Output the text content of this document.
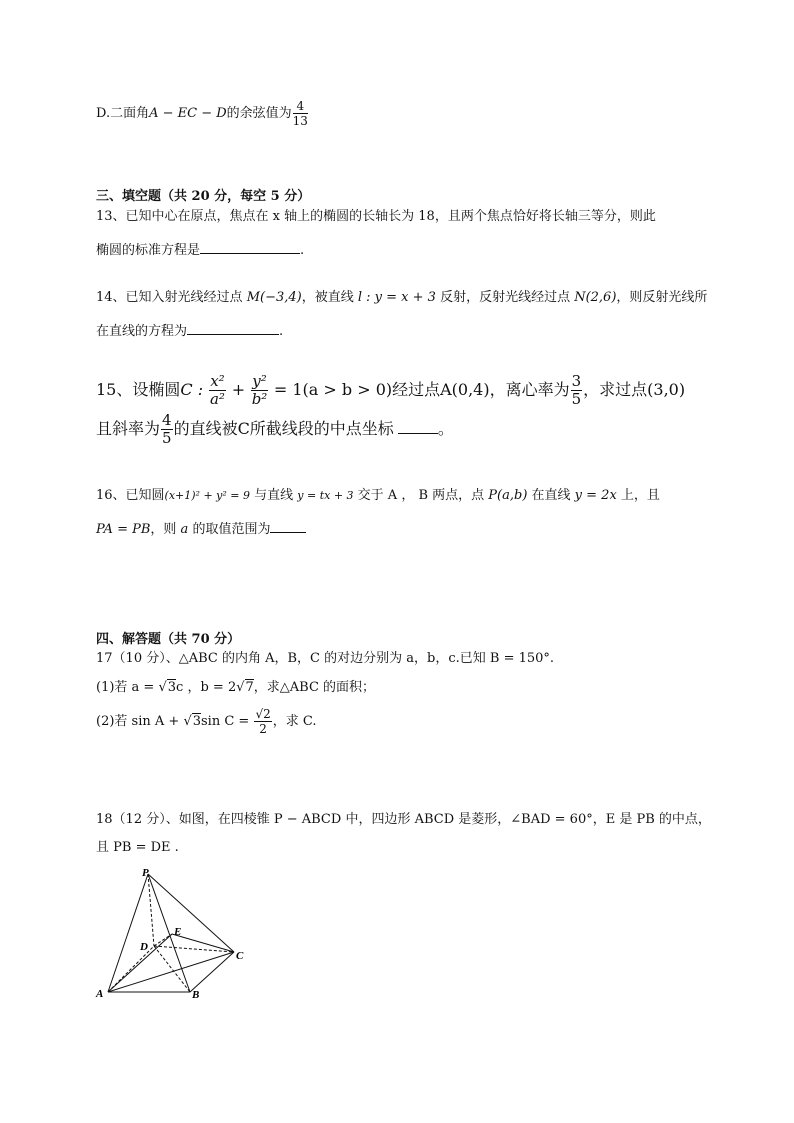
D.二面角A − EC − D的余弦值为 $\frac{4}{13}$
三、填空题（共 20 分，每空 5 分）
13、已知中心在原点，焦点在 x 轴上的椭圆的长轴长为 18，且两个焦点恰好将长轴三等分，则此
椭圆的标准方程是	.
14、已知入射光线经过点 M(−3,4)，被直线 l : y = x + 3 反射，反射光线经过点 N(2,6)，则反射光线所
在直线的方程为	.
15、设椭圆C : $\frac{\text{x²}}{\text{a²}} + \frac{\text{y²}}{\text{b²}} = 1(a > b > 0)$经过点A(0,4)，离心率为 $\frac{3}{5}$ ，求过点(3,0)
且斜率为 $\frac{4}{5}$ 的直线被C所截线段的中点坐标	。
16、已知圆(x+1)² + y² = 9 与直线 y = tx + 3 交于 A ， B 两点，点 P(a,b) 在直线 y = 2x 上，且
PA = PB，则 a 的取值范围为
四、解答题（共 70 分）
17（10 分）、△ABC 的内角 A，B，C 的对边分别为 a，b，c.已知 B = 150°.
(1)若 a = √3c ，b = 2√7，求△ABC 的面积；
(2)若 sin A + √3sin $C = \frac{√2}{2}$ ，求 C.
18（12 分）、如图，在四棱锥 P − ABCD 中，四边形 ABCD 是菱形，∠BAD = 60°，E 是 PB 的中点，
且 PB = DE .
P
A	B
C
D
E
